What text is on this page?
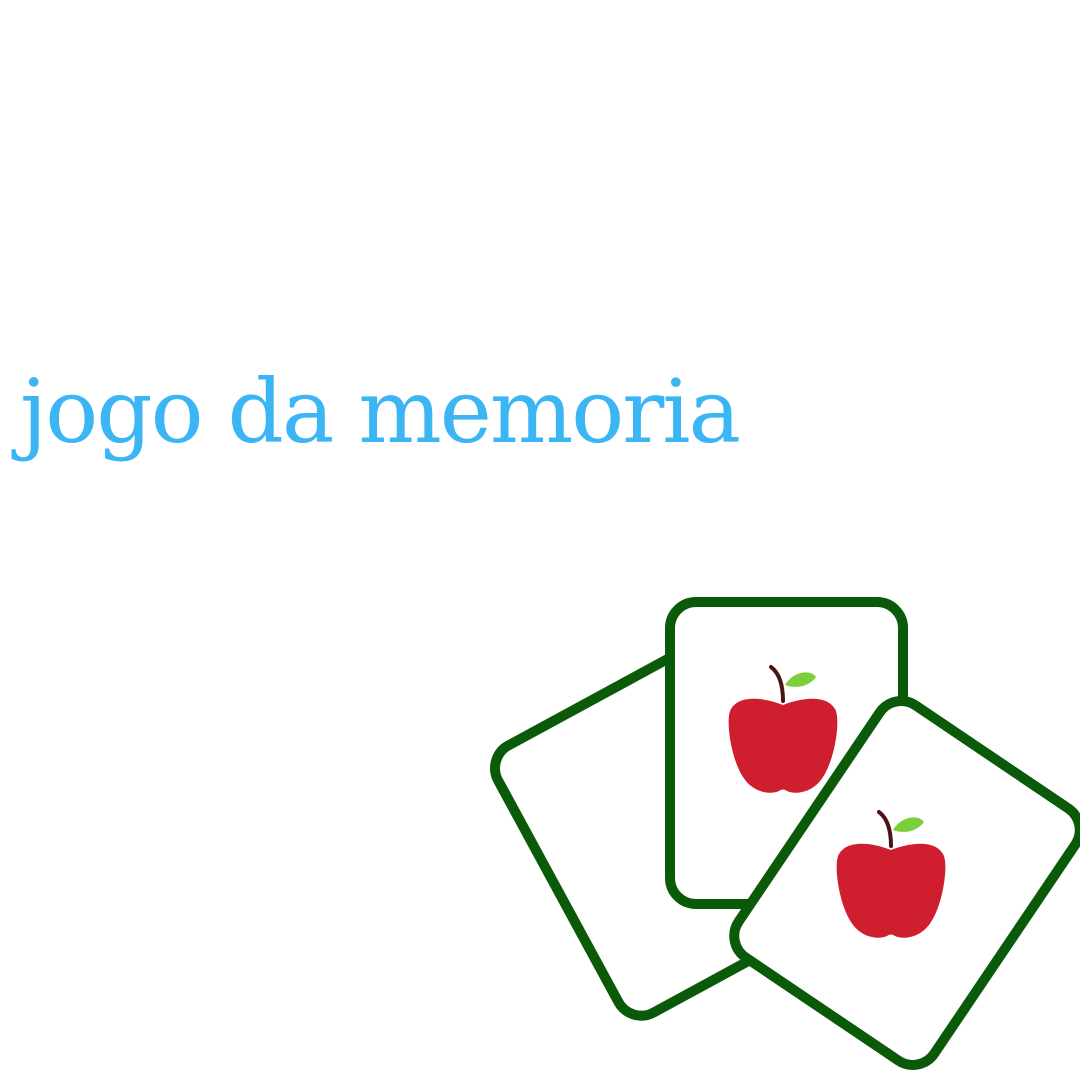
jogo da memoria
